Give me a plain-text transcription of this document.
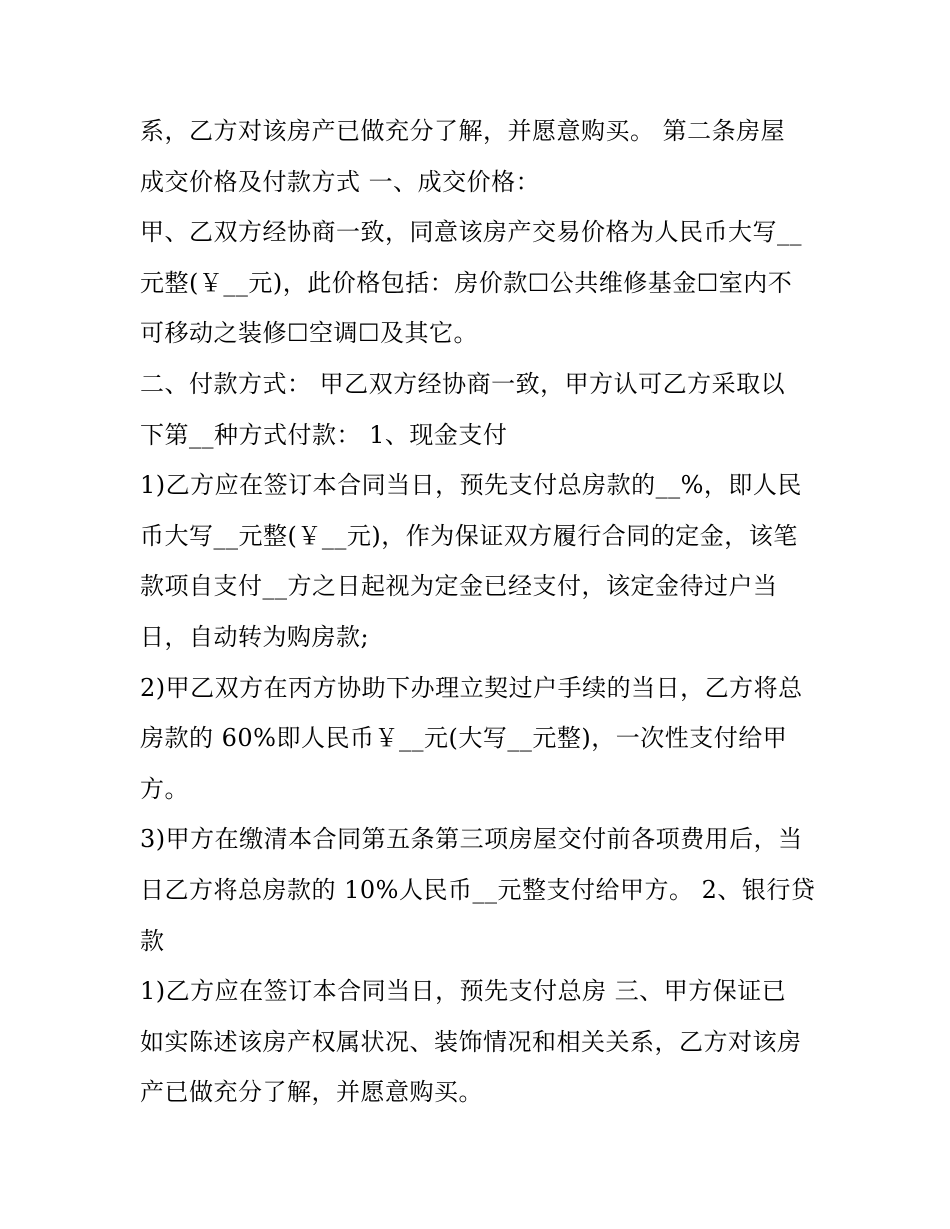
系，乙方对该房产已做充分了解，并愿意购买。 第二条房屋
成交价格及付款方式 一、成交价格：
甲、乙双方经协商一致，同意该房产交易价格为人民币大写__
元整(￥__元)，此价格包括：房价款☐公共维修基金☐室内不
可移动之装修☐空调☐及其它。
二、付款方式： 甲乙双方经协商一致，甲方认可乙方采取以
下第__种方式付款： 1、现金支付
1)乙方应在签订本合同当日，预先支付总房款的__%，即人民
币大写__元整(￥__元)，作为保证双方履行合同的定金，该笔
款项自支付__方之日起视为定金已经支付，该定金待过户当
日，自动转为购房款;
2)甲乙双方在丙方协助下办理立契过户手续的当日，乙方将总
房款的 60%即人民币￥__元(大写__元整)，一次性支付给甲
方。
3)甲方在缴清本合同第五条第三项房屋交付前各项费用后，当
日乙方将总房款的 10%人民币__元整支付给甲方。 2、银行贷
款
1)乙方应在签订本合同当日，预先支付总房 三、甲方保证已
如实陈述该房产权属状况、装饰情况和相关关系，乙方对该房
产已做充分了解，并愿意购买。
